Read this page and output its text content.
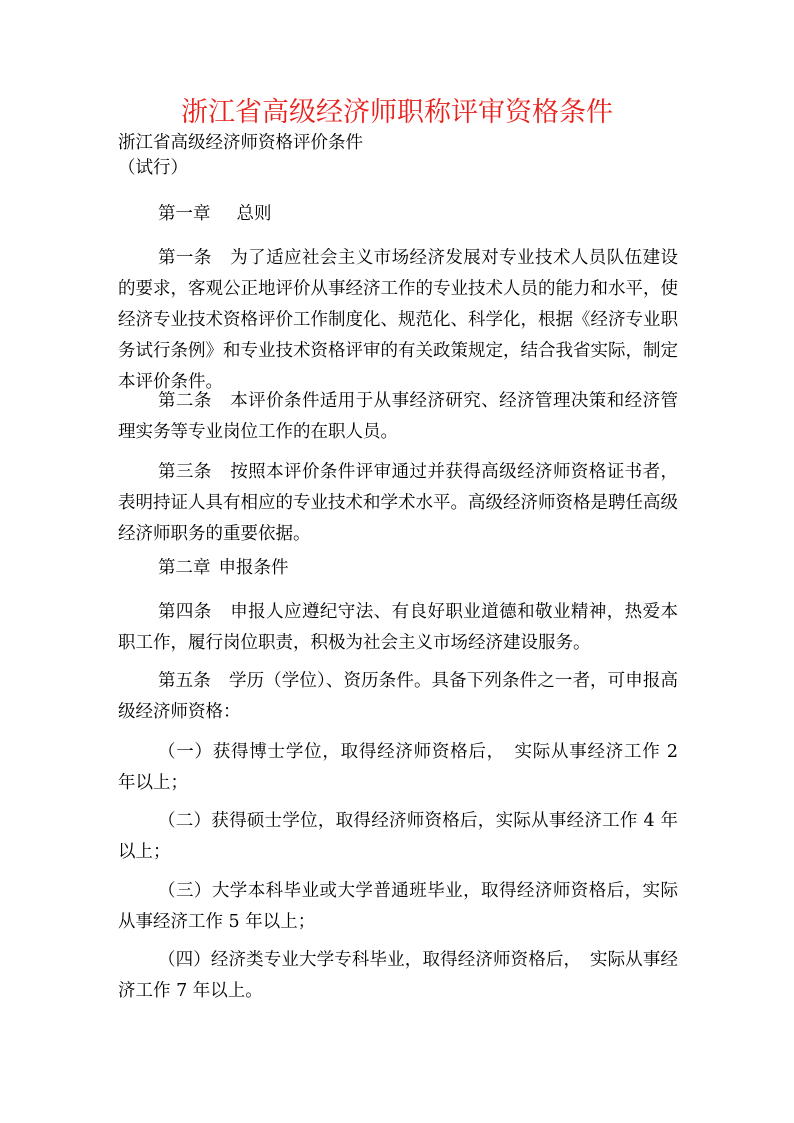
浙江省高级经济师职称评审资格条件
浙江省高级经济师资格评价条件
（试行）
第一章 总则
第一条 为了适应社会主义市场经济发展对专业技术人员队伍建设的要求，客观公正地评价从事经济工作的专业技术人员的能力和水平，使经济专业技术资格评价工作制度化、规范化、科学化，根据《经济专业职务试行条例》和专业技术资格评审的有关政策规定，结合我省实际，制定本评价条件。
第二条 本评价条件适用于从事经济研究、经济管理决策和经济管理实务等专业岗位工作的在职人员。
第三条 按照本评价条件评审通过并获得高级经济师资格证书者，表明持证人具有相应的专业技术和学术水平。高级经济师资格是聘任高级经济师职务的重要依据。
第二章 申报条件
第四条 申报人应遵纪守法、有良好职业道德和敬业精神，热爱本职工作，履行岗位职责，积极为社会主义市场经济建设服务。
第五条 学历（学位）、资历条件。具备下列条件之一者，可申报高级经济师资格：
（一）获得博士学位，取得经济师资格后，　实际从事经济工作 2 年以上；
（二）获得硕士学位，取得经济师资格后，实际从事经济工作 4 年以上；
（三）大学本科毕业或大学普通班毕业，取得经济师资格后，实际从事经济工作 5 年以上；
（四）经济类专业大学专科毕业，取得经济师资格后，　实际从事经济工作 7 年以上。
